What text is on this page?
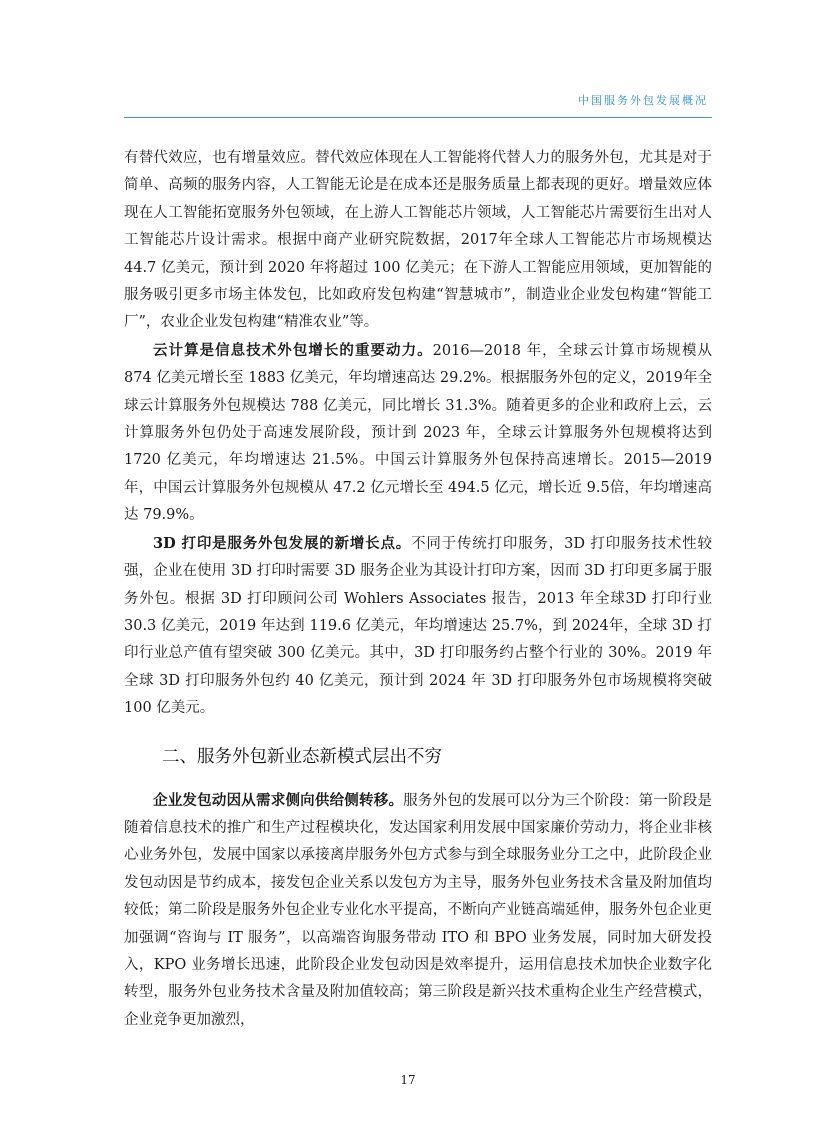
中国服务外包发展概况

有替代效应，也有增量效应。替代效应体现在人工智能将代替人力的服务外包，尤其是对于简单、高频的服务内容，人工智能无论是在成本还是服务质量上都表现的更好。增量效应体现在人工智能拓宽服务外包领域，在上游人工智能芯片领域，人工智能芯片需要衍生出对人工智能芯片设计需求。根据中商产业研究院数据，2017年全球人工智能芯片市场规模达 44.7 亿美元，预计到 2020 年将超过 100 亿美元；在下游人工智能应用领域，更加智能的服务吸引更多市场主体发包，比如政府发包构建“智慧城市”，制造业企业发包构建“智能工厂”，农业企业发包构建“精准农业”等。

云计算是信息技术外包增长的重要动力。2016—2018 年，全球云计算市场规模从 874 亿美元增长至 1883 亿美元，年均增速高达 29.2%。根据服务外包的定义，2019年全球云计算服务外包规模达 788 亿美元，同比增长 31.3%。随着更多的企业和政府上云，云计算服务外包仍处于高速发展阶段，预计到 2023 年，全球云计算服务外包规模将达到1720 亿美元，年均增速达 21.5%。中国云计算服务外包保持高速增长。2015—2019 年，中国云计算服务外包规模从 47.2 亿元增长至 494.5 亿元，增长近 9.5倍，年均增速高达 79.9%。

3D 打印是服务外包发展的新增长点。不同于传统打印服务，3D 打印服务技术性较强，企业在使用 3D 打印时需要 3D 服务企业为其设计打印方案，因而 3D 打印更多属于服务外包。根据 3D 打印顾问公司 Wohlers Associates 报告，2013 年全球3D 打印行业 30.3 亿美元，2019 年达到 119.6 亿美元，年均增速达 25.7%，到 2024年，全球 3D 打印行业总产值有望突破 300 亿美元。其中，3D 打印服务约占整个行业的 30%。2019 年全球 3D 打印服务外包约 40 亿美元，预计到 2024 年 3D 打印服务外包市场规模将突破 100 亿美元。

二、服务外包新业态新模式层出不穷

企业发包动因从需求侧向供给侧转移。服务外包的发展可以分为三个阶段：第一阶段是随着信息技术的推广和生产过程模块化，发达国家利用发展中国家廉价劳动力，将企业非核心业务外包，发展中国家以承接离岸服务外包方式参与到全球服务业分工之中，此阶段企业发包动因是节约成本，接发包企业关系以发包方为主导，服务外包业务技术含量及附加值均较低；第二阶段是服务外包企业专业化水平提高，不断向产业链高端延伸，服务外包企业更加强调“咨询与 IT 服务”，以高端咨询服务带动 ITO 和 BPO 业务发展，同时加大研发投入，KPO 业务增长迅速，此阶段企业发包动因是效率提升，运用信息技术加快企业数字化转型，服务外包业务技术含量及附加值较高；第三阶段是新兴技术重构企业生产经营模式，企业竞争更加激烈，

17
